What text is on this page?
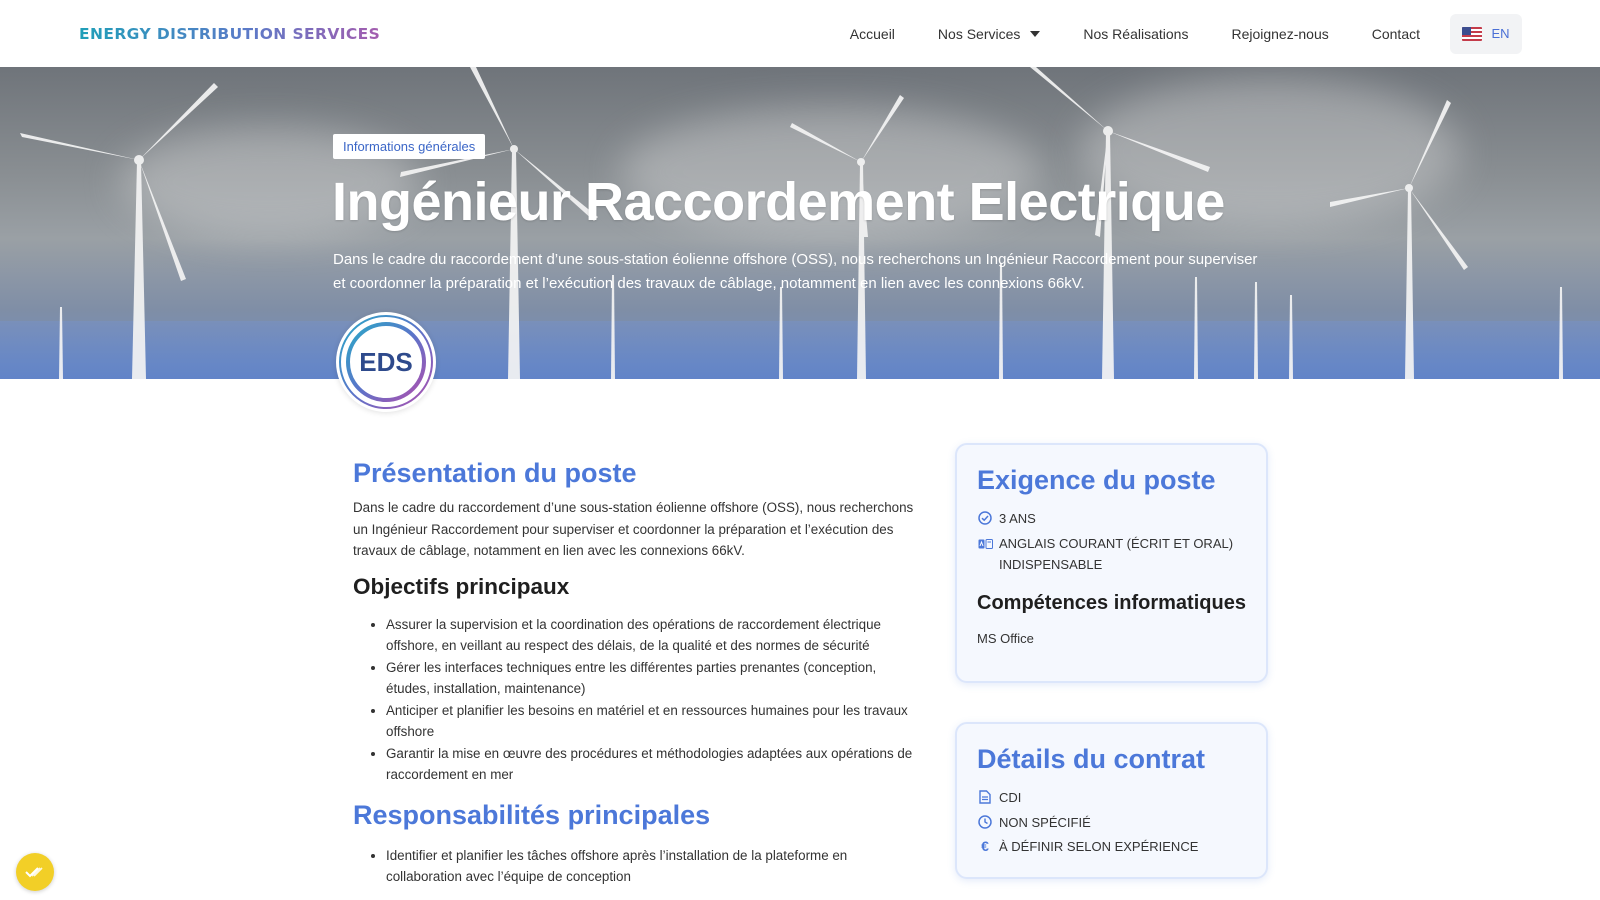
ENERGY DISTRIBUTION SERVICES	Accueil	Nos Services	Nos Réalisations	Rejoignez-nous	Contact	EN
Informations générales
Ingénieur Raccordement Electrique

Dans le cadre du raccordement d’une sous-station éolienne offshore (OSS), nous recherchons un Ingénieur Raccordement pour superviser et coordonner la préparation et l’exécution des travaux de câblage, notamment en lien avec les connexions 66kV.

EDS
Présentation du poste

Dans le cadre du raccordement d’une sous-station éolienne offshore (OSS), nous recherchons un Ingénieur Raccordement pour superviser et coordonner la préparation et l’exécution des travaux de câblage, notamment en lien avec les connexions 66kV.

Objectifs principaux
• Assurer la supervision et la coordination des opérations de raccordement électrique offshore, en veillant au respect des délais, de la qualité et des normes de sécurité
• Gérer les interfaces techniques entre les différentes parties prenantes (conception, études, installation, maintenance)
• Anticiper et planifier les besoins en matériel et en ressources humaines pour les travaux offshore
• Garantir la mise en œuvre des procédures et méthodologies adaptées aux opérations de raccordement en mer
Responsabilités principales
• Identifier et planifier les tâches offshore après l’installation de la plateforme en collaboration avec l’équipe de conception
Exigence du poste
3 ANS
ANGLAIS COURANT (ÉCRIT ET ORAL) INDISPENSABLE
Compétences informatiques

MS Office

Détails du contrat
CDI
NON SPÉCIFIÉ
€ À DÉFINIR SELON EXPÉRIENCE
